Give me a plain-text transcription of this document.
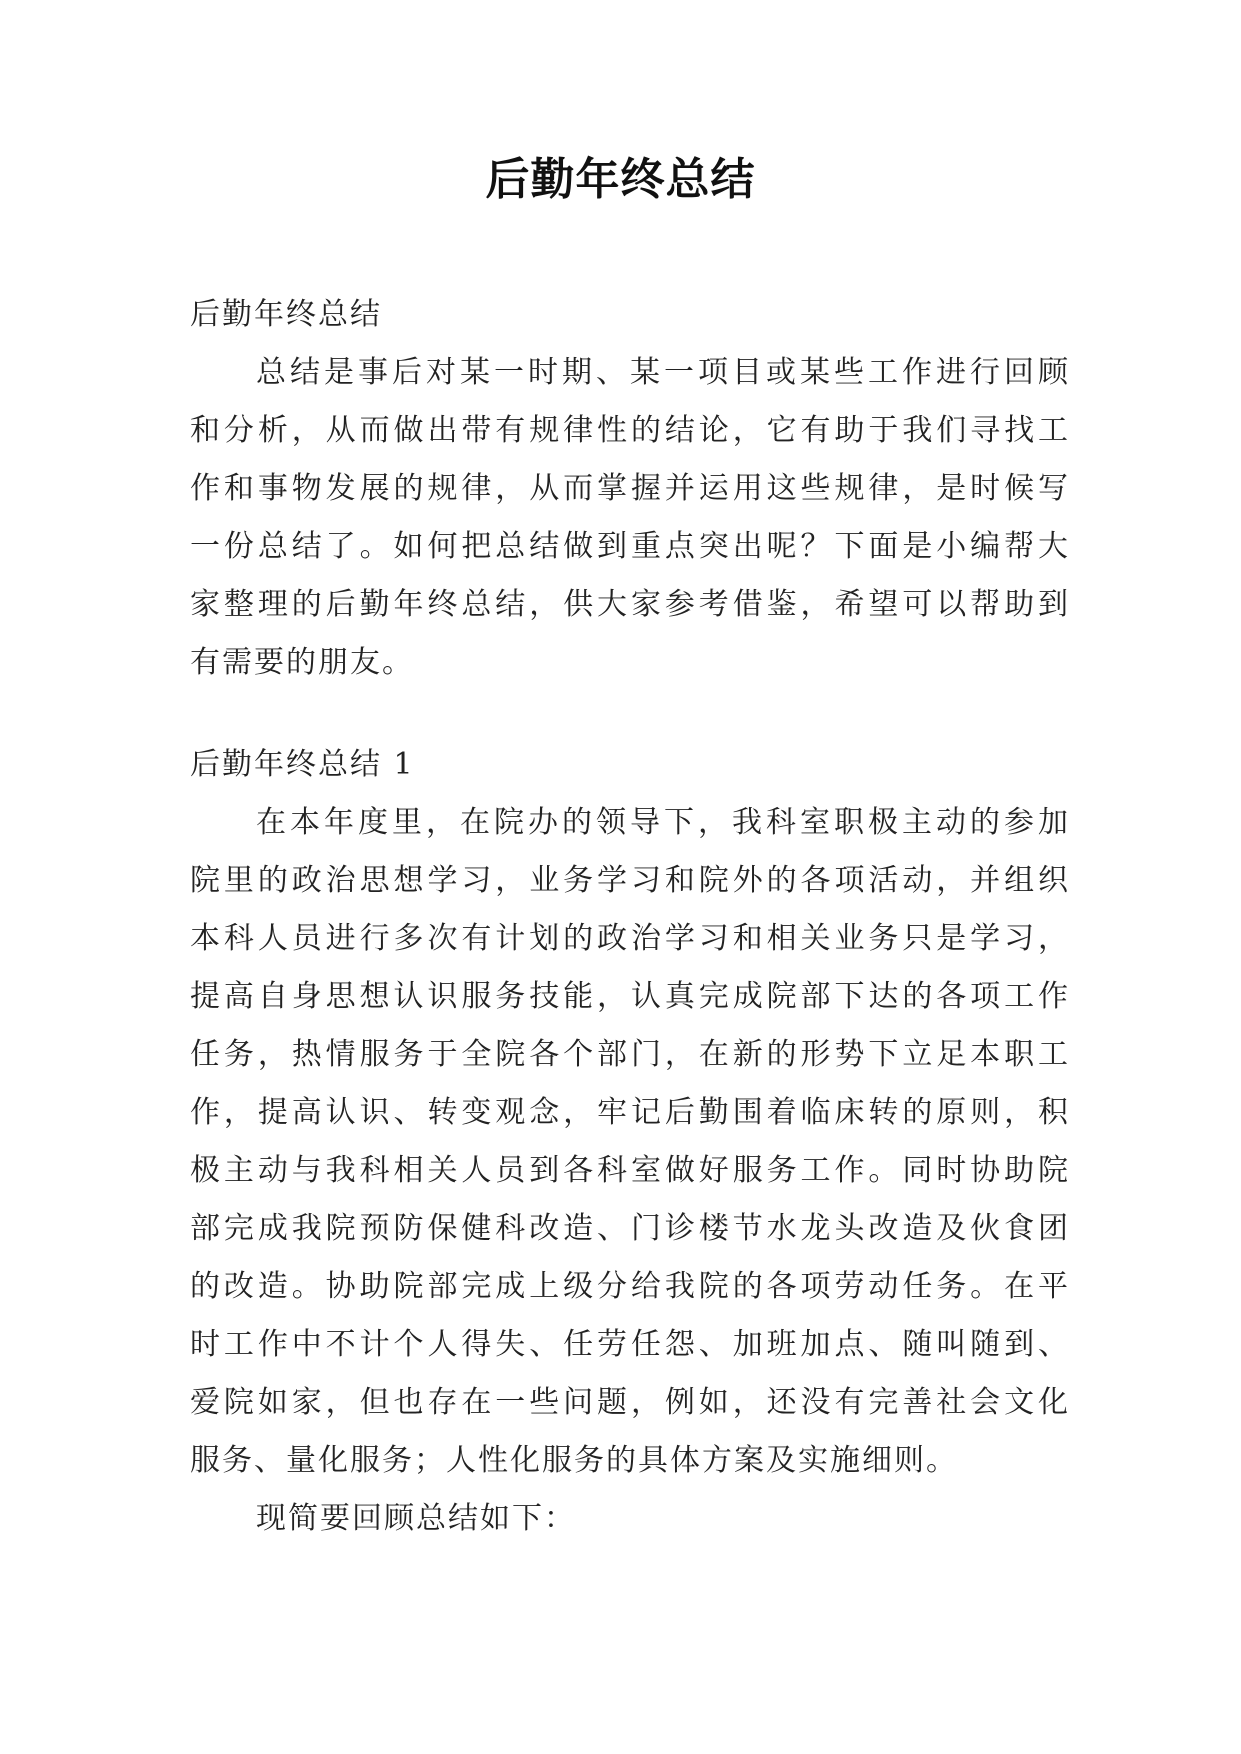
后勤年终总结
后勤年终总结
总结是事后对某一时期、某一项目或某些工作进行回顾
和分析，从而做出带有规律性的结论，它有助于我们寻找工
作和事物发展的规律，从而掌握并运用这些规律，是时候写
一份总结了。如何把总结做到重点突出呢？下面是小编帮大
家整理的后勤年终总结，供大家参考借鉴，希望可以帮助到
有需要的朋友。
后勤年终总结 1
在本年度里，在院办的领导下，我科室职极主动的参加
院里的政治思想学习，业务学习和院外的各项活动，并组织
本科人员进行多次有计划的政治学习和相关业务只是学习，
提高自身思想认识服务技能，认真完成院部下达的各项工作
任务，热情服务于全院各个部门，在新的形势下立足本职工
作，提高认识、转变观念，牢记后勤围着临床转的原则，积
极主动与我科相关人员到各科室做好服务工作。同时协助院
部完成我院预防保健科改造、门诊楼节水龙头改造及伙食团
的改造。协助院部完成上级分给我院的各项劳动任务。在平
时工作中不计个人得失、任劳任怨、加班加点、随叫随到、
爱院如家，但也存在一些问题，例如，还没有完善社会文化
服务、量化服务；人性化服务的具体方案及实施细则。
现简要回顾总结如下：
